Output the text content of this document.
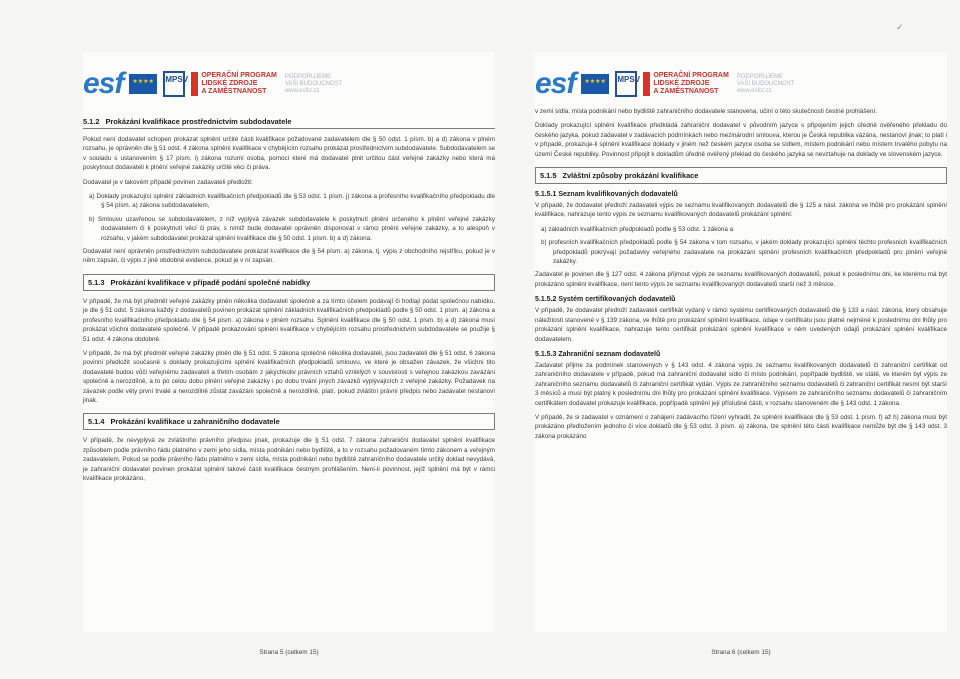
✓
esf ★★★★	MPSV OPERAČNÍ PROGRAM
LIDSKÉ ZDROJE
A ZAMĚSTNANOST
PODPORUJEME
VAŠI BUDOUCNOST
www.esfcr.cz
5.1.2 Prokázání kvalifikace prostřednictvím subdodavatele

Pokud není dodavatel schopen prokázat splnění určité části kvalifikace požadované zadavatelem dle § 50 odst. 1 písm. b) a d) zákona v plném rozsahu, je oprávněn dle § 51 odst. 4 zákona splnění kvalifikace v chybějícím rozsahu prokázat prostřednictvím subdodavatele. Subdodavatelem se v souladu s ustanovením § 17 písm. i) zákona rozumí osoba, pomocí které má dodavatel plnit určitou část veřejné zakázky nebo která má poskytnout dodavateli k plnění veřejné zakázky určité věci či práva.

Dodavatel je v takovém případě povinen zadavateli předložit:

a) Doklady prokazující splnění základních kvalifikačních předpokladů dle § 53 odst. 1 písm. j) zákona a profesního kvalifikačního předpokladu dle § 54 písm. a) zákona subdodavatelem,
b) Smlouvu uzavřenou se subdodavatelem, z níž vyplývá závazek subdodavatele k poskytnutí plnění určeného k plnění veřejné zakázky dodavatelem či k poskytnutí věcí či práv, s nimiž bude dodavatel oprávněn disponovat v rámci plnění veřejné zakázky, a to alespoň v rozsahu, v jakém subdodavatel prokázal splnění kvalifikace dle § 50 odst. 1 písm. b) a d) zákona.

Dodavatel není oprávněn prostřednictvím subdodavatele prokázat kvalifikace dle § 54 písm. a) zákona, tj. výpis z obchodního rejstříku, pokud je v něm zapsán, či výpis z jiné obdobné evidence, pokud je v ní zapsán.

5.1.3 Prokázání kvalifikace v případě podání společné nabídky

V případě, že má být předmět veřejné zakázky plněn několika dodavateli společně a za tímto účelem podávají či hodlají podat společnou nabídku, je dle § 51 odst. 5 zákona každý z dodavatelů povinen prokázat splnění základních kvalifikačních předpokladů podle § 50 odst. 1 písm. a) zákona a profesního kvalifikačního předpokladu dle § 54 písm. a) zákona v plném rozsahu. Splnění kvalifikace dle § 50 odst. 1 písm. b) a d) zákona musí prokázat všichni dodavatelé společně. V případě prokazování splnění kvalifikace v chybějícím rozsahu prostřednictvím subdodavatele se použije § 51 odst. 4 zákona obdobně.

V případě, že má být předmět veřejné zakázky plněn dle § 51 odst. 5 zákona společně několika dodavateli, jsou zadavateli dle § 51 odst. 6 zákona povinni předložit současně s doklady prokazujícími splnění kvalifikačních předpokladů smlouvu, ve které je obsažen závazek, že všichni tito dodavatelé budou vůči veřejnému zadavateli a třetím osobám z jakýchkoliv právních vztahů vzniklých v souvislosti s veřejnou zakázkou zavázáni společně a nerozdílně, a to po celou dobu plnění veřejné zakázky i po dobu trvání jiných závazků vyplývajících z veřejné zakázky. Požadavek na závazek podle věty první trvalé a nerozdílně zůstat zavázáni společně a nerozdílně, platí, pokud zvláštní právní předpis nebo zadavatel nestanoví jinak.

5.1.4 Prokázání kvalifikace u zahraničního dodavatele

V případě, že nevyplývá ze zvláštního právního předpisu jinak, prokazuje dle § 51 odst. 7 zákona zahraniční dodavatel splnění kvalifikace způsobem podle právního řádu platného v zemi jeho sídla, místa podnikání nebo bydliště, a to v rozsahu požadovaném tímto zákonem a veřejným zadavatelem. Pokud se podle právního řádu platného v zemi sídla, místa podnikání nebo bydliště zahraničního dodavatele určitý doklad nevydává, je zahraniční dodavatel povinen prokázat splnění takové části kvalifikace čestným prohlášením. Není-li povinnost, jejíž splnění má být v rámci kvalifikace prokázáno,

Strana 5 (celkem 15)
esf ★★★★	MPSV OPERAČNÍ PROGRAM
LIDSKÉ ZDROJE
A ZAMĚSTNANOST
PODPORUJEME
VAŠI BUDOUCNOST
www.esfcr.cz

v zemi sídla, místa podnikání nebo bydliště zahraničního dodavatele stanovena, učiní o této skutečnosti čestné prohlášení.

Doklady prokazující splnění kvalifikace předkládá zahraniční dodavatel v původním jazyce s připojením jejich úředně ověřeného překladu do českého jazyka, pokud zadavatel v zadávacích podmínkách nebo mezinárodní smlouva, kterou je Česká republika vázána, nestanoví jinak; to platí i v případě, prokazuje-li splnění kvalifikace doklady v jiném než českém jazyce osoba se sídlem, místem podnikání nebo místem trvalého pobytu na území České republiky. Povinnost připojit k dokladům úředně ověřený překlad do českého jazyka se nevztahuje na doklady ve slovenském jazyce.

5.1.5 Zvláštní způsoby prokázání kvalifikace
5.1.5.1 Seznam kvalifikovaných dodavatelů

V případě, že dodavatel předloží zadavateli výpis ze seznamu kvalifikovaných dodavatelů dle § 125 a násl. zákona ve lhůtě pro prokázání splnění kvalifikace, nahrazuje tento výpis ze seznamu kvalifikovaných dodavatelů prokázání splnění:

a) základních kvalifikačních předpokladů podle § 53 odst. 1 zákona a
b) profesních kvalifikačních předpokladů podle § 54 zákona v tom rozsahu, v jakém doklady prokazující splnění těchto profesních kvalifikačních předpokladů pokrývají požadavky veřejného zadavatele na prokázání splnění profesních kvalifikačních předpokladů pro plnění veřejné zakázky.

Zadavatel je povinen dle § 127 odst. 4 zákona přijmout výpis ze seznamu kvalifikovaných dodavatelů, pokud k poslednímu dni, ke kterému má být prokázáno splnění kvalifikace, není tento výpis ze seznamu kvalifikovaných dodavatelů starší než 3 měsíce.

5.1.5.2 Systém certifikovaných dodavatelů

V případě, že dodavatel předloží zadavateli certifikát vydaný v rámci systému certifikovaných dodavatelů dle § 133 a násl. zákona, který obsahuje náležitosti stanovené v § 139 zákona, ve lhůtě pro prokázání splnění kvalifikace, údaje v certifikátu jsou platné nejméně k poslednímu dni lhůty pro prokázání splnění kvalifikace, nahrazuje tento certifikát prokázání splnění kvalifikace v něm uvedených údajů prokázání splnění kvalifikace dodavatelem.

5.1.5.3 Zahraniční seznam dodavatelů

Zadavatel přijme za podmínek stanovených v § 143 odst. 4 zákona výpis ze seznamu kvalifikovaných dodavatelů či zahraniční certifikát od zahraničního dodavatele v případě, pokud má zahraniční dodavatel sídlo či místo podnikání, popřípadě bydliště, ve státě, ve kterém byl výpis ze zahraničního seznamu dodavatelů či zahraniční certifikát vydán. Výpis ze zahraničního seznamu dodavatelů či zahraniční certifikát nesmí být starší 3 měsíců a musí být platný k poslednímu dni lhůty pro prokázání splnění kvalifikace. Výpisem ze zahraničního seznamu dodavatelů či zahraničním certifikátem dodavatel prokazuje kvalifikace, popřípadě splnění její příslušné části, v rozsahu stanoveném dle § 143 odst. 1 zákona.

V případě, že si zadavatel v oznámení o zahájení zadávacího řízení vyhradil, že splnění kvalifikace dle § 53 odst. 1 písm. f) až h) zákona musí být prokázáno předložením jednoho či více dokladů dle § 53 odst. 3 písm. a) zákona, lze splnění této části kvalifikace nemůže být dle § 143 odst. 3 zákona prokázáno

Strana 6 (celkem 15)
